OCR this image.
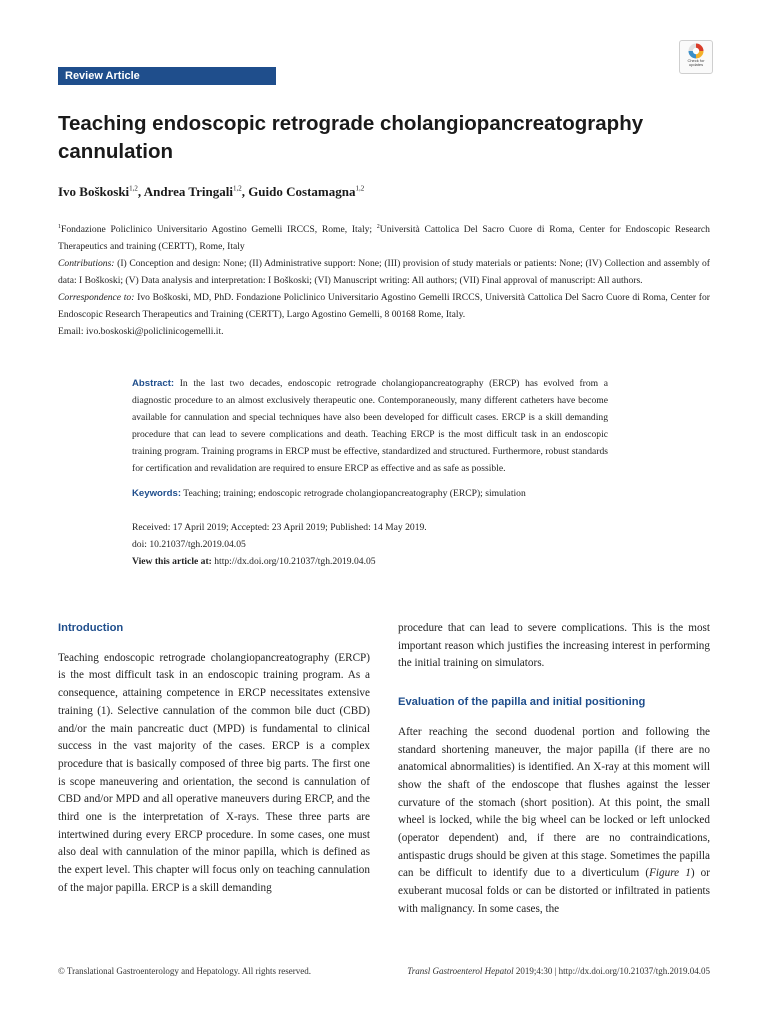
Review Article
Check for updates
Teaching endoscopic retrograde cholangiopancreatography cannulation
Ivo Boškoski$^{1,2}$, Andrea Tringali$^{1,2}$, Guido Costamagna$^{1,2}$

$^1$Fondazione Policlinico Universitario Agostino Gemelli IRCCS, Rome, Italy; $^2$Università Cattolica Del Sacro Cuore di Roma, Center for Endoscopic Research Therapeutics and training (CERTT), Rome, Italy

Contributions: (I) Conception and design: None; (II) Administrative support: None; (III) provision of study materials or patients: None; (IV) Collection and assembly of data: I Boškoski; (V) Data analysis and interpretation: I Boškoski; (VI) Manuscript writing: All authors; (VII) Final approval of manuscript: All authors.

Correspondence to: Ivo Boškoski, MD, PhD. Fondazione Policlinico Universitario Agostino Gemelli IRCCS, Università Cattolica Del Sacro Cuore di Roma, Center for Endoscopic Research Therapeutics and Training (CERTT), Largo Agostino Gemelli, 8 00168 Rome, Italy.

Email: ivo.boskoski@policlinicogemelli.it.

Abstract: In the last two decades, endoscopic retrograde cholangiopancreatography (ERCP) has evolved from a diagnostic procedure to an almost exclusively therapeutic one. Contemporaneously, many different catheters have become available for cannulation and special techniques have also been developed for difficult cases. ERCP is a skill demanding procedure that can lead to severe complications and death. Teaching ERCP is the most difficult task in an endoscopic training program. Training programs in ERCP must be effective, standardized and structured. Furthermore, robust standards for certification and revalidation are required to ensure ERCP as effective and as safe as possible.

Keywords: Teaching; training; endoscopic retrograde cholangiopancreatography (ERCP); simulation

Received: 17 April 2019; Accepted: 23 April 2019; Published: 14 May 2019.

doi: 10.21037/tgh.2019.04.05

View this article at: http://dx.doi.org/10.21037/tgh.2019.04.05

Introduction

Teaching endoscopic retrograde cholangiopancreatography (ERCP) is the most difficult task in an endoscopic training program. As a consequence, attaining competence in ERCP necessitates extensive training (1). Selective cannulation of the common bile duct (CBD) and/or the main pancreatic duct (MPD) is fundamental to clinical success in the vast majority of the cases. ERCP is a complex procedure that is basically composed of three big parts. The first one is scope maneuvering and orientation, the second is cannulation of CBD and/or MPD and all operative maneuvers during ERCP, and the third one is the interpretation of X-rays. These three parts are intertwined during every ERCP procedure. In some cases, one must also deal with cannulation of the minor papilla, which is defined as the expert level. This chapter will focus only on teaching cannulation of the major papilla. ERCP is a skill demanding

procedure that can lead to severe complications. This is the most important reason which justifies the increasing interest in performing the initial training on simulators.

Evaluation of the papilla and initial positioning

After reaching the second duodenal portion and following the standard shortening maneuver, the major papilla (if there are no anatomical abnormalities) is identified. An X-ray at this moment will show the shaft of the endoscope that flushes against the lesser curvature of the stomach (short position). At this point, the small wheel is locked, while the big wheel can be locked or left unlocked (operator dependent) and, if there are no contraindications, antispastic drugs should be given at this stage. Sometimes the papilla can be difficult to identify due to a diverticulum (Figure 1) or exuberant mucosal folds or can be distorted or infiltrated in patients with malignancy. In some cases, the

© Translational Gastroenterology and Hepatology. All rights reserved.	Transl Gastroenterol Hepatol 2019;4:30 | http://dx.doi.org/10.21037/tgh.2019.04.05
